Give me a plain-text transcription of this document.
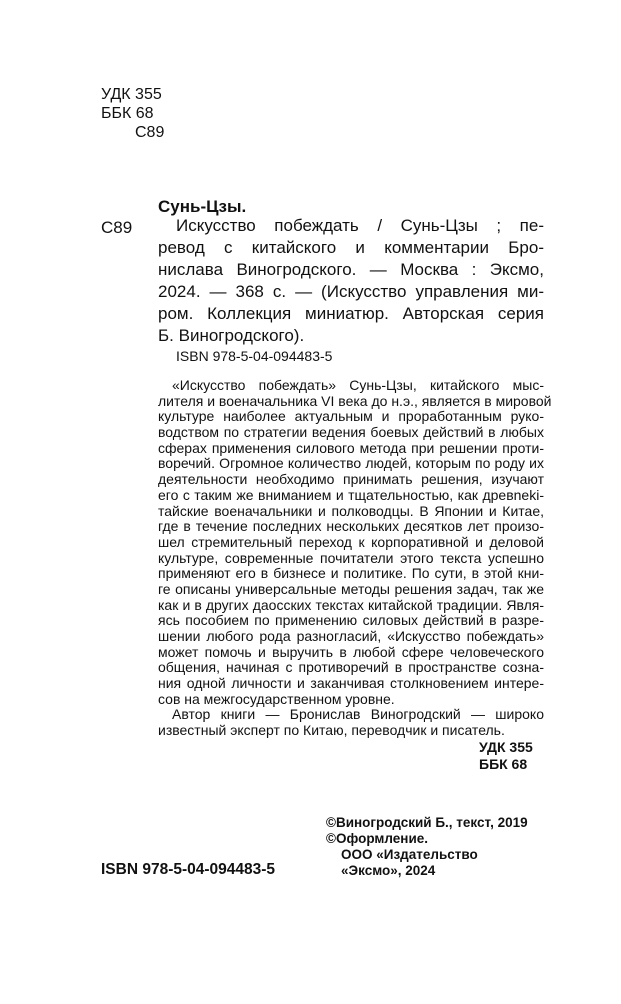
УДК 355
ББК 68
С89
Сунь-Цзы.
С89	Искусство побеждать / Сунь-Цзы ; пе-
ревод с китайского и комментарии Бро-
нислава Виногродского. — Москва : Эксмо,
2024. — 368 с. — (Искусство управления ми-
ром. Коллекция миниатюр. Авторская серия
Б. Виногродского).
ISBN 978-5-04-094483-5
«Искусство побеждать» Сунь-Цзы, китайского мыс-
лителя и военачальника VI века до н.э., является в мировой
культуре наиболее актуальным и проработанным руко-
водством по стратегии ведения боевых действий в любых
сферах применения силового метода при решении проти-
воречий. Огромное количество людей, которым по роду их
деятельности необходимо принимать решения, изучают
его с таким же вниманием и тщательностью, как древneki-
тайские военачальники и полководцы. В Японии и Китае,
где в течение последних нескольких десятков лет произо-
шел стремительный переход к корпоративной и деловой
культуре, современные почитатели этого текста успешно
применяют его в бизнесе и политике. По сути, в этой кни-
ге описаны универсальные методы решения задач, так же
как и в других даосских текстах китайской традиции. Явля-
ясь пособием по применению силовых действий в разре-
шении любого рода разногласий, «Искусство побеждать»
может помочь и выручить в любой сфере человеческого
общения, начиная с противоречий в пространстве созна-
ния одной личности и заканчивая столкновением интере-
сов на межгосударственном уровне.
Автор книги — Бронислав Виногродский — широко
известный эксперт по Китаю, переводчик и писатель.
УДК 355
ББК 68
©Виногродский Б., текст, 2019
©Оформление.
ООО «Издательство
«Эксмо», 2024
ISBN 978-5-04-094483-5
